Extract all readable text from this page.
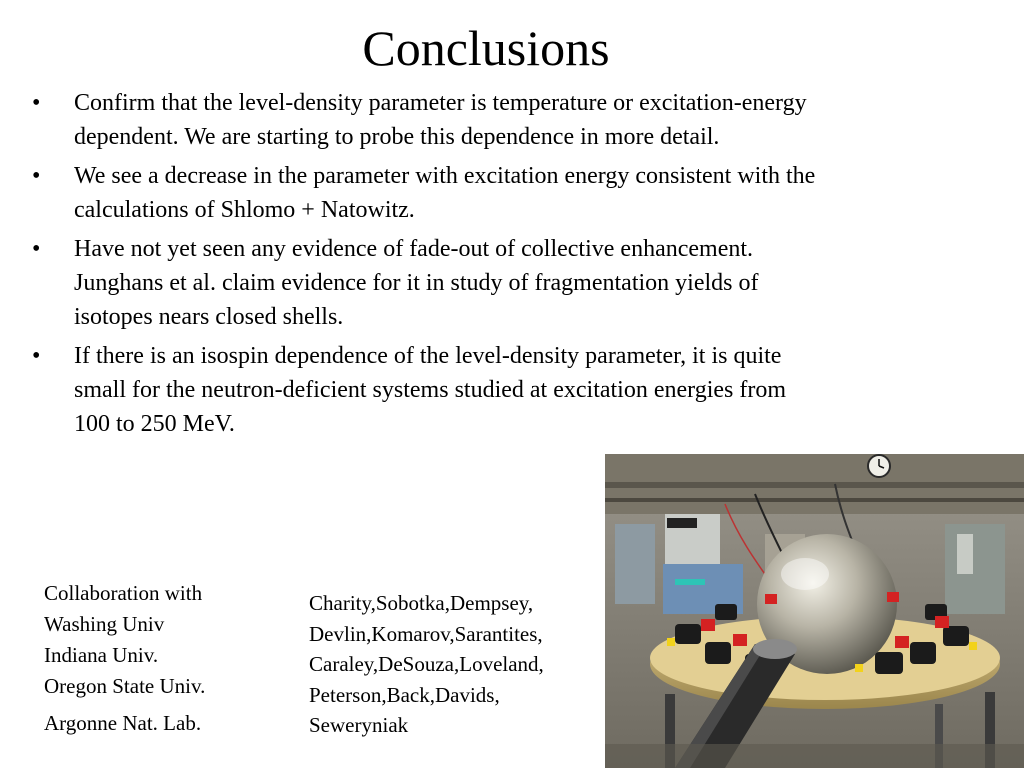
Conclusions
• Confirm that the level-density parameter is temperature or excitation-energy dependent. We are starting to probe this dependence in more detail.
• We see a decrease in the parameter with excitation energy consistent with the calculations of Shlomo + Natowitz.
• Have not yet seen any evidence of fade-out of collective enhancement. Junghans et al. claim evidence for it in study of fragmentation yields of isotopes nears closed shells.
• If there is an isospin dependence of the level-density parameter, it is quite small for the neutron-deficient systems studied at excitation energies from 100 to 250 MeV.
Collaboration with
Washing Univ
Indiana Univ.
Oregon State Univ.
Argonne Nat. Lab.
Charity,Sobotka,Dempsey,
Devlin,Komarov,Sarantites,
Caraley,DeSouza,Loveland,
Peterson,Back,Davids,
Seweryniak
